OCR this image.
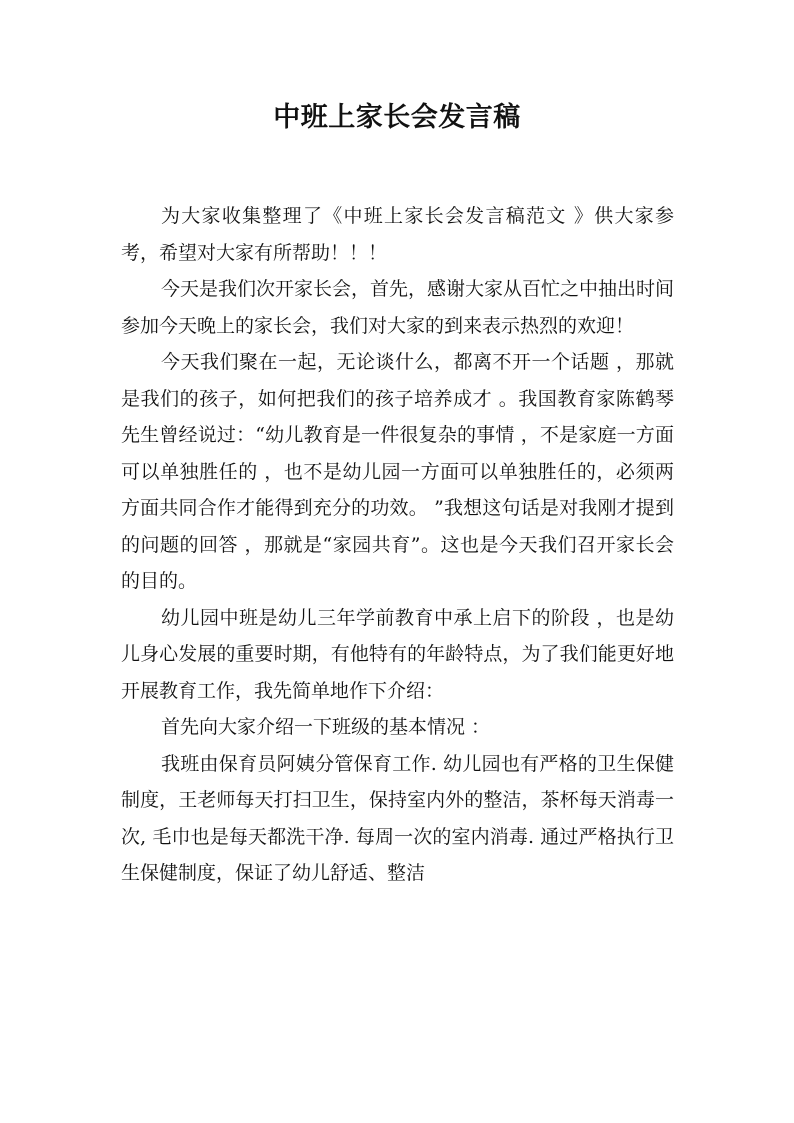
中班上家长会发言稿

为大家收集整理了《中班上家长会发言稿范文 》供大家参考，希望对大家有所帮助！！！

今天是我们次开家长会，首先，感谢大家从百忙之中抽出时间参加今天晚上的家长会，我们对大家的到来表示热烈的欢迎！

今天我们聚在一起，无论谈什么，都离不开一个话题 ，那就是我们的孩子，如何把我们的孩子培养成才 。我国教育家陈鹤琴先生曾经说过：“幼儿教育是一件很复杂的事情 ，不是家庭一方面可以单独胜任的 ，也不是幼儿园一方面可以单独胜任的，必须两方面共同合作才能得到充分的功效。 ”我想这句话是对我刚才提到的问题的回答 ，那就是“家园共育”。这也是今天我们召开家长会的目的。

幼儿园中班是幼儿三年学前教育中承上启下的阶段 ，也是幼儿身心发展的重要时期，有他特有的年龄特点，为了我们能更好地开展教育工作，我先简单地作下介绍：

首先向大家介绍一下班级的基本情况 ：

我班由保育员阿姨分管保育工作. 幼儿园也有严格的卫生保健制度，王老师每天打扫卫生，保持室内外的整洁，茶杯每天消毒一次, 毛巾也是每天都洗干净. 每周一次的室内消毒. 通过严格执行卫生保健制度，保证了幼儿舒适、整洁
